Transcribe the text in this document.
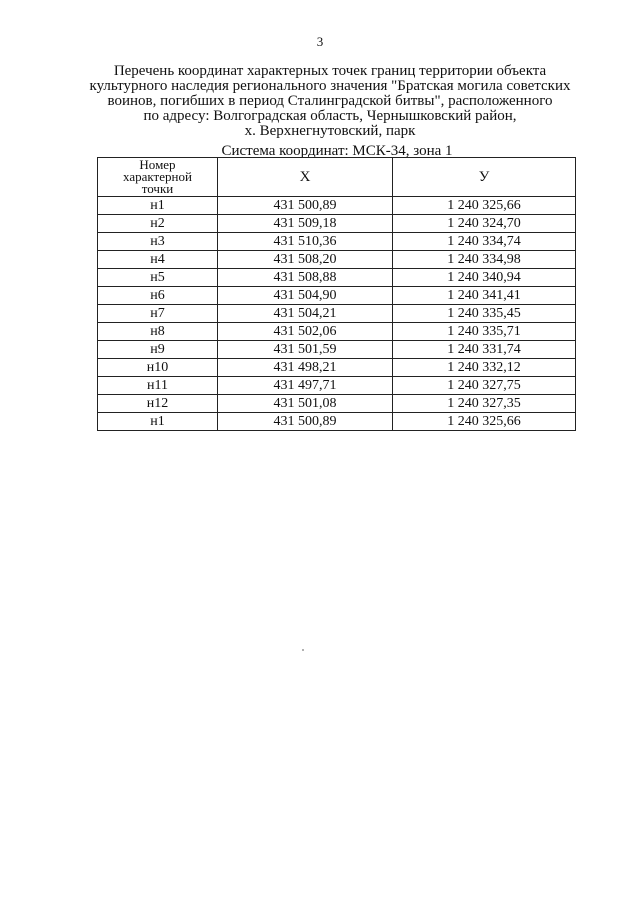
3
Перечень координат характерных точек границ территории объекта
культурного наследия регионального значения "Братская могила советских
воинов, погибших в период Сталинградской битвы", расположенного
по адресу: Волгоградская область, Чернышковский район,
х. Верхнегнутовский, парк
Система координат: МСК-34, зона 1
Номер
характерной
точки	X	У
н1	431 500,89	1 240 325,66
н2	431 509,18	1 240 324,70
н3	431 510,36	1 240 334,74
н4	431 508,20	1 240 334,98
н5	431 508,88	1 240 340,94
н6	431 504,90	1 240 341,41
н7	431 504,21	1 240 335,45
н8	431 502,06	1 240 335,71
н9	431 501,59	1 240 331,74
н10	431 498,21	1 240 332,12
н11	431 497,71	1 240 327,75
н12	431 501,08	1 240 327,35
н1	431 500,89	1 240 325,66
